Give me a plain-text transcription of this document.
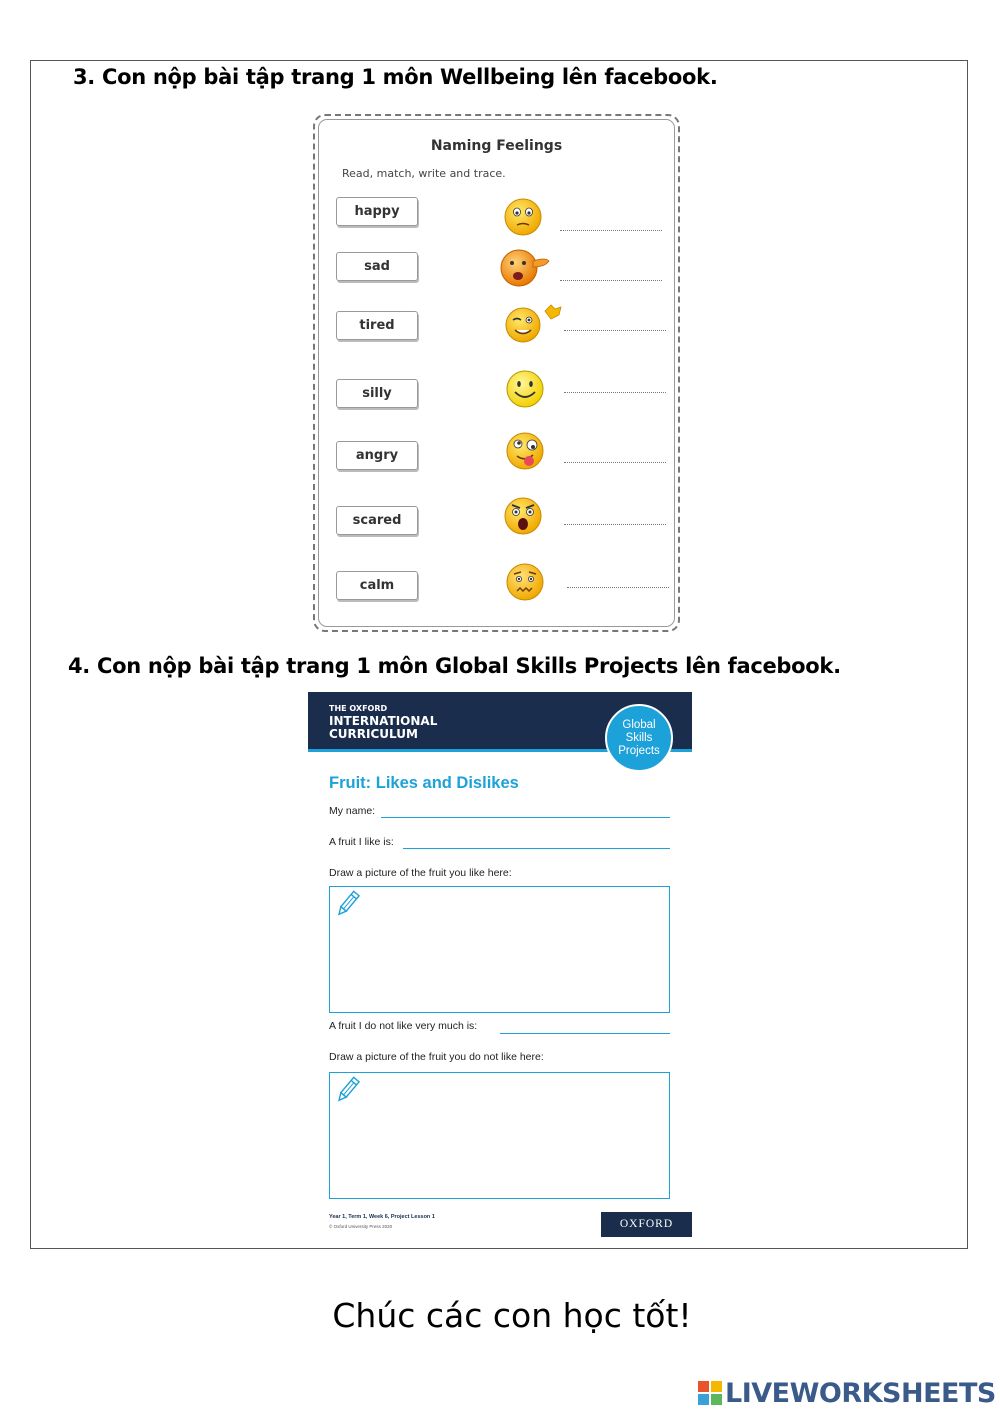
3. Con nộp bài tập trang 1 môn Wellbeing lên facebook.
Naming Feelings
Read, match, write and trace.
happy
sad
tired
silly
angry
scared
calm
4. Con nộp bài tập trang 1 môn Global Skills Projects lên facebook.
THE OXFORD
INTERNATIONAL
CURRICULUM
Global
Skills
Projects
Fruit: Likes and Dislikes
My name:
A fruit I like is:
Draw a picture of the fruit you like here:
A fruit I do not like very much is:
Draw a picture of the fruit you do not like here:
Year 1, Term 1, Week 6, Project Lesson 1
© Oxford University Press 2020	OXFORD
Chúc các con học tốt!
LIVEWORKSHEETS
